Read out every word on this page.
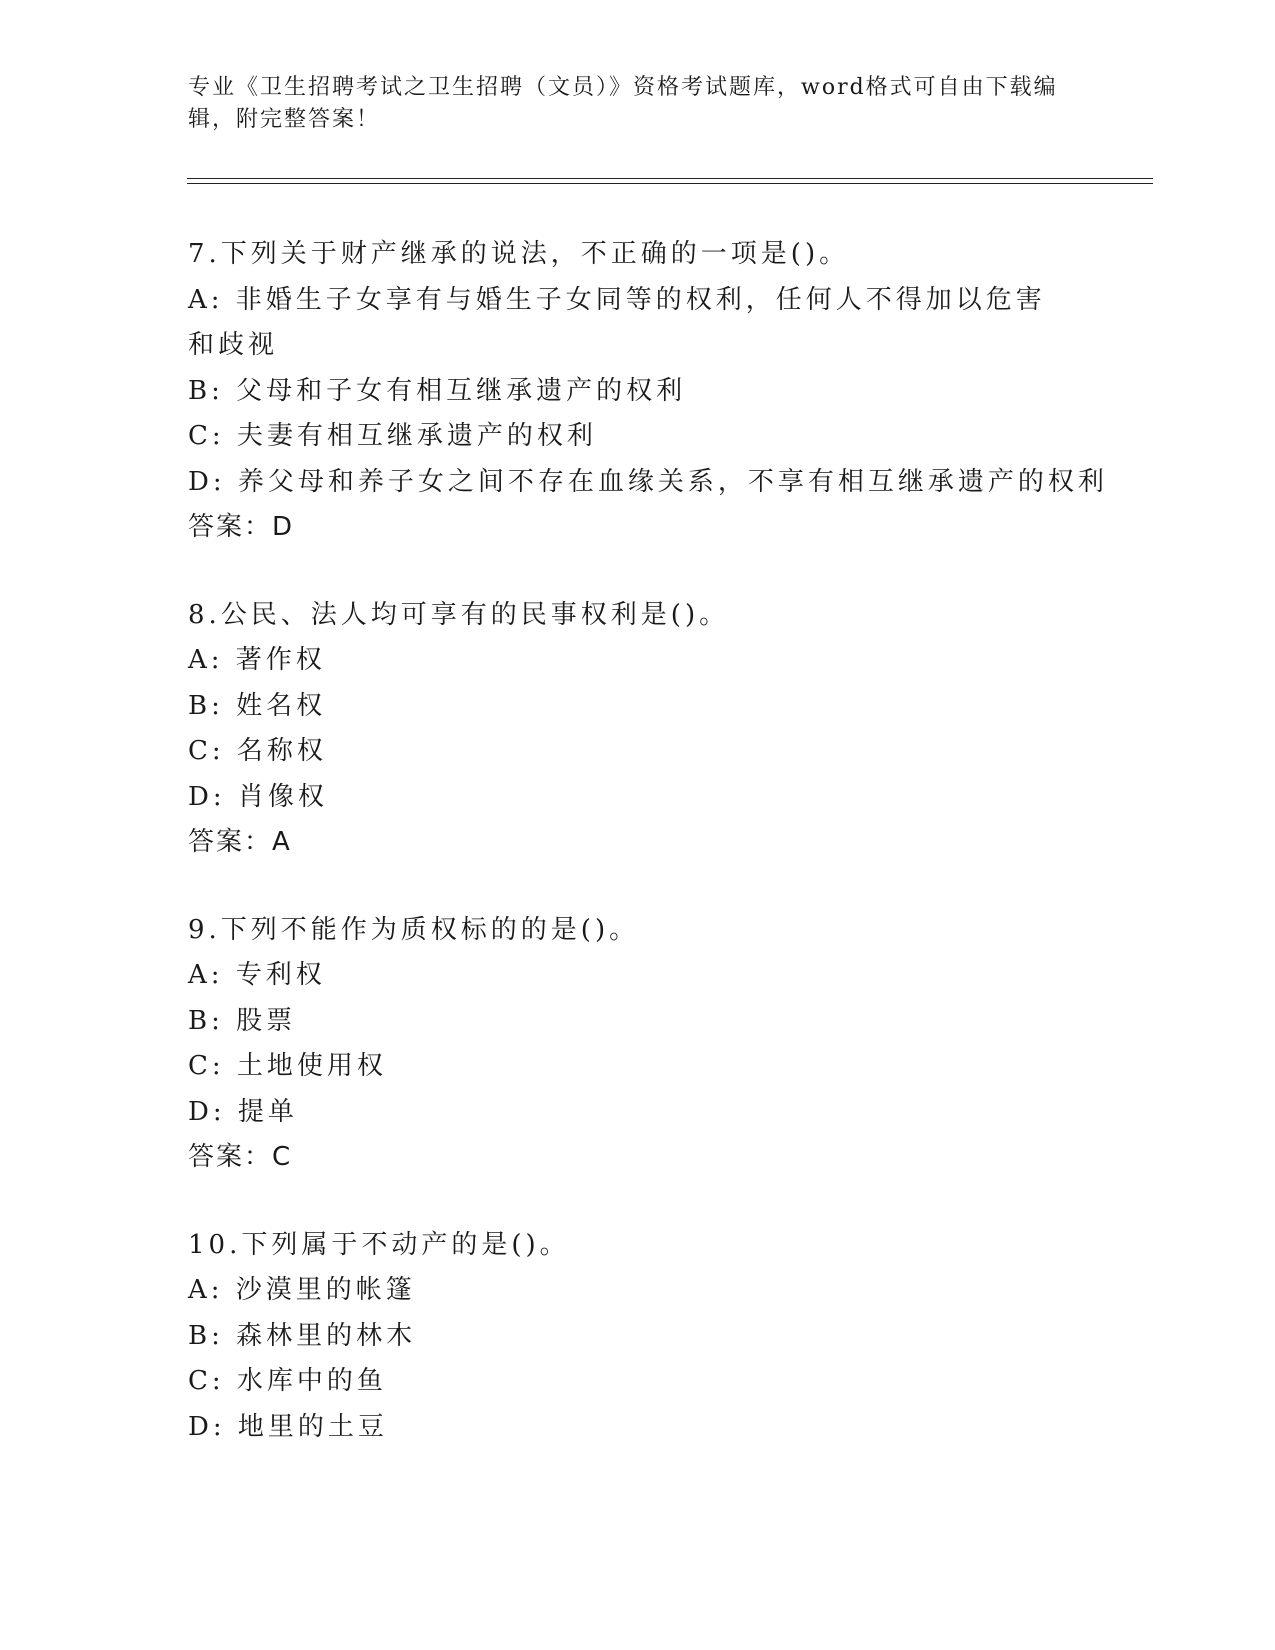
专业《卫生招聘考试之卫生招聘（文员）》资格考试题库，word格式可自由下载编辑，附完整答案！
7.下列关于财产继承的说法，不正确的一项是()。
A: 非婚生子女享有与婚生子女同等的权利，任何人不得加以危害和歧视
B: 父母和子女有相互继承遗产的权利
C: 夫妻有相互继承遗产的权利
D: 养父母和养子女之间不存在血缘关系，不享有相互继承遗产的权利
答案：D
8.公民、法人均可享有的民事权利是()。
A: 著作权
B: 姓名权
C: 名称权
D: 肖像权
答案：A
9.下列不能作为质权标的的是()。
A: 专利权
B: 股票
C: 土地使用权
D: 提单
答案：C
10.下列属于不动产的是()。
A: 沙漠里的帐篷
B: 森林里的林木
C: 水库中的鱼
D: 地里的土豆
